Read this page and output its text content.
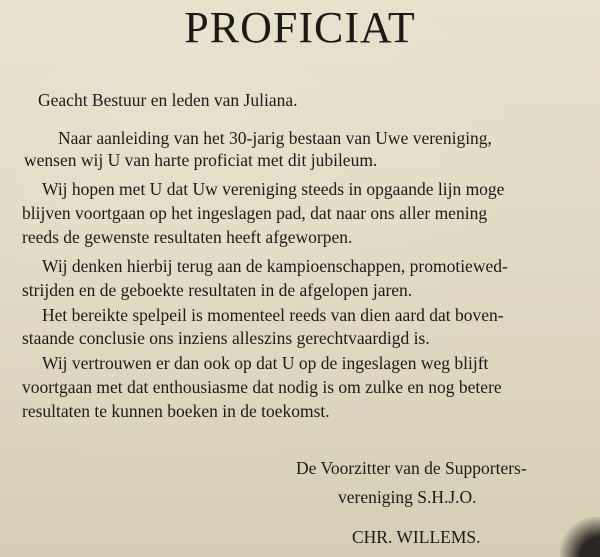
PROFICIAT
Geacht Bestuur en leden van Juliana.
Naar aanleiding van het 30-jarig bestaan van Uwe vereniging,
wensen wij U van harte proficiat met dit jubileum.
Wij hopen met U dat Uw vereniging steeds in opgaande lijn moge
blijven voortgaan op het ingeslagen pad, dat naar ons aller mening
reeds de gewenste resultaten heeft afgeworpen.
Wij denken hierbij terug aan de kampioenschappen, promotiewed-
strijden en de geboekte resultaten in de afgelopen jaren.
Het bereikte spelpeil is momenteel reeds van dien aard dat boven-
staande conclusie ons inziens alleszins gerechtvaardigd is.
Wij vertrouwen er dan ook op dat U op de ingeslagen weg blijft
voortgaan met dat enthousiasme dat nodig is om zulke en nog betere
resultaten te kunnen boeken in de toekomst.
De Voorzitter van de Supporters-
vereniging S.H.J.O.
CHR. WILLEMS.
